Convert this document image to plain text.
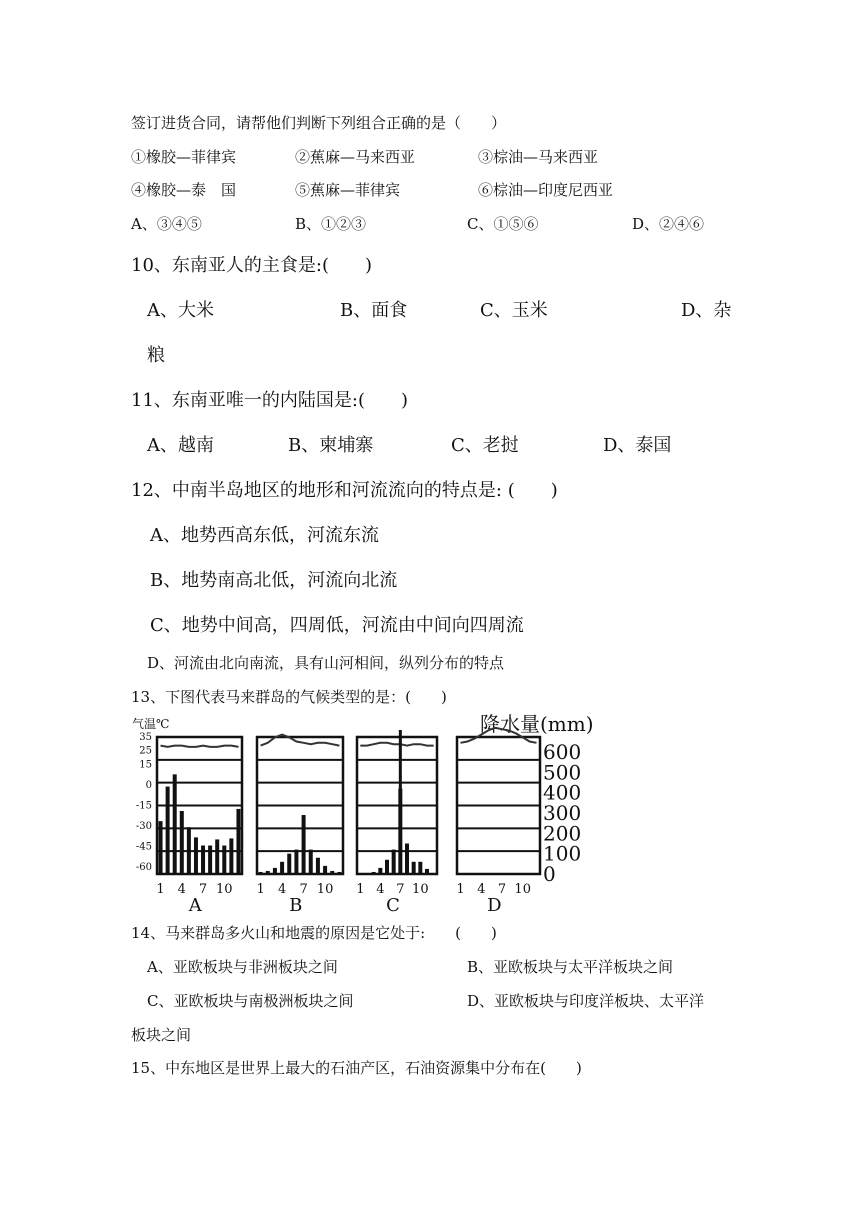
签订进货合同，请帮他们判断下列组合正确的是（　　）
①橡胶—菲律宾	②蕉麻—马来西亚	③棕油—马来西亚
④橡胶—泰　国	⑤蕉麻—菲律宾	⑥棕油—印度尼西亚
A、③④⑤	B、①②③	C、①⑤⑥	D、②④⑥
10、东南亚人的主食是:(　　)
A、大米	B、面食	C、玉米	D、杂
粮
11、东南亚唯一的内陆国是:(　　)
A、越南	B、柬埔寨	C、老挝	D、泰国
12、中南半岛地区的地形和河流流向的特点是: (　　)
A、地势西高东低，河流东流
B、地势南高北低，河流向北流
C、地势中间高，四周低，河流由中间向四周流
D、河流由北向南流，具有山河相间，纵列分布的特点
13、下图代表马来群岛的气候类型的是：(　　)
气温℃
35
25
15
0
-15
-30
-45
-60
降水量(mm)
600
500
400
300
200
100
0
1 4 7 10
A
1 4 7 10
B
1 4 7 10
C
1 4 7 10
D
14、马来群岛多火山和地震的原因是它处于:　　(　　)
A、亚欧板块与非洲板块之间	B、亚欧板块与太平洋板块之间
C、亚欧板块与南极洲板块之间	D、亚欧板块与印度洋板块、太平洋
板块之间
15、中东地区是世界上最大的石油产区，石油资源集中分布在(　　)
